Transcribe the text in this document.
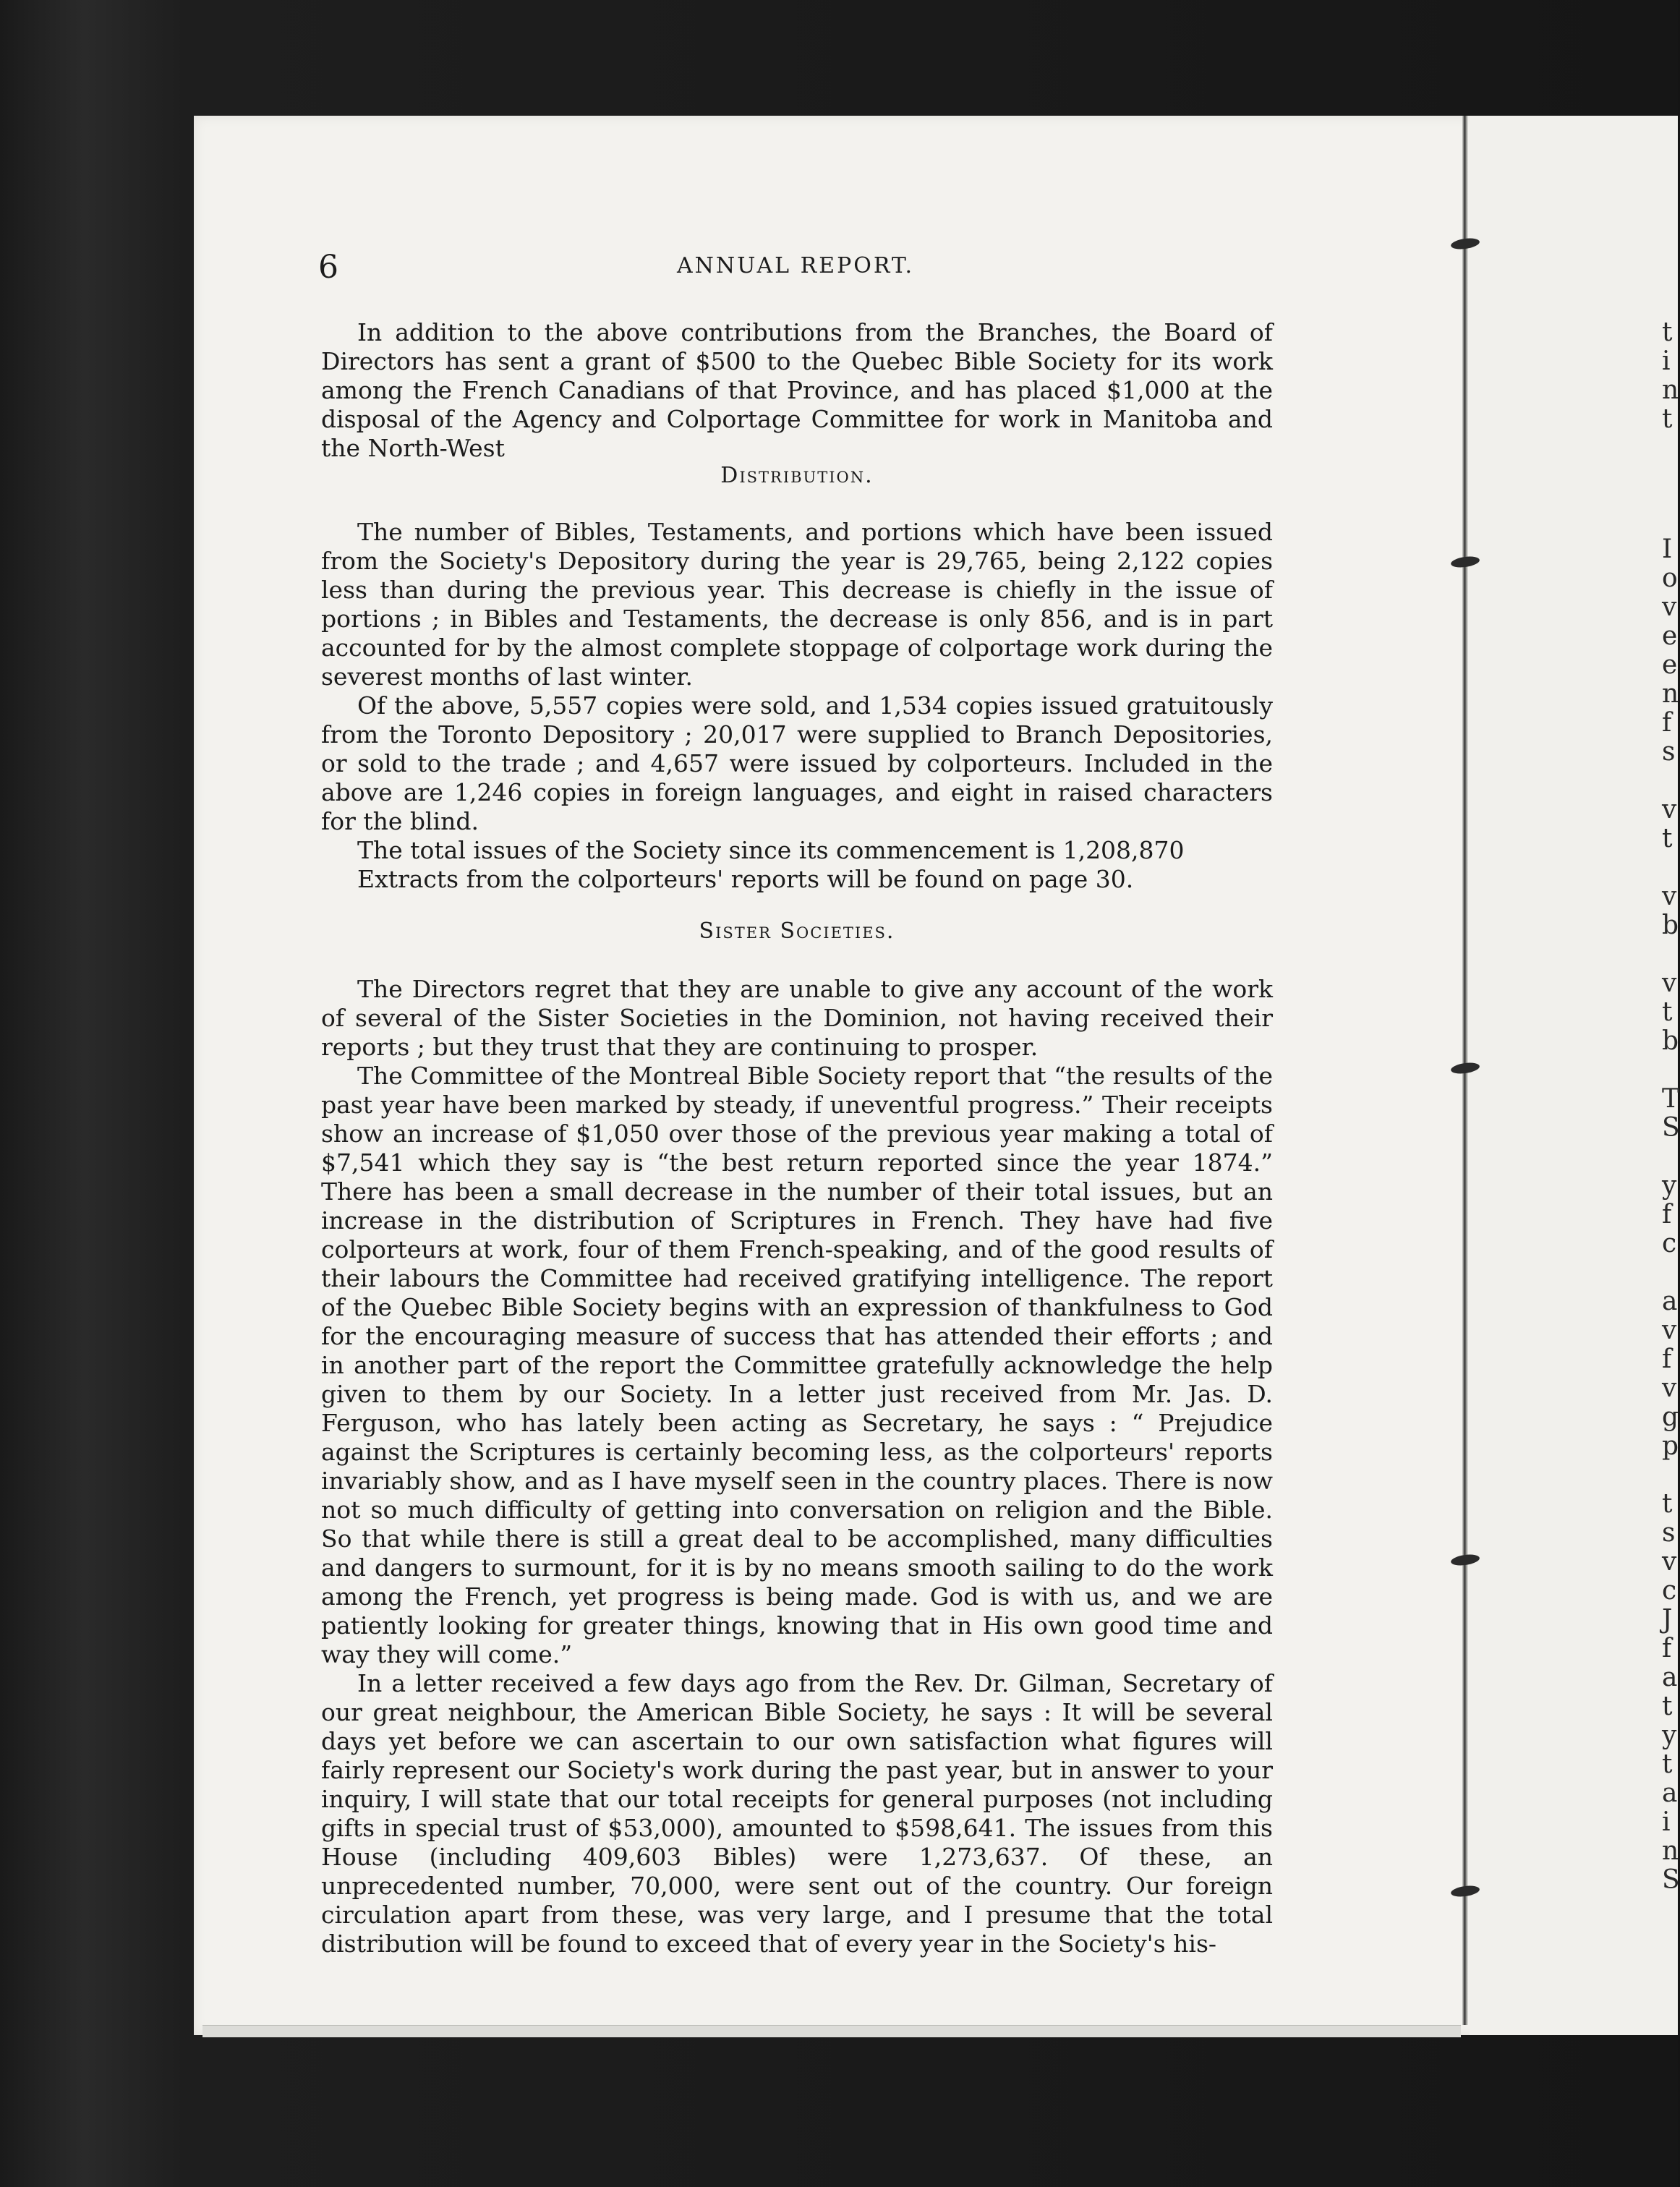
t
i
n
t
I
o
v
e
e
n
f
s
v
t
v
b
v
t
b
T
S
y
f
c
a
v
f
v
g
p
t
s
v
c
J
f
a
t
y
t
a
i
n
S
6	ANNUAL REPORT.

In addition to the above contributions from the Branches, the Board of Directors has sent a grant of $500 to the Quebec Bible Society for its work among the French Canadians of that Province, and has placed $1,000 at the disposal of the Agency and Colportage Committee for work in Manitoba and the North-West

Distribution.

The number of Bibles, Testaments, and portions which have been issued from the Society's Depository during the year is 29,765, being 2,122 copies less than during the previous year. This decrease is chiefly in the issue of portions ; in Bibles and Testaments, the decrease is only 856, and is in part accounted for by the almost complete stoppage of colportage work during the severest months of last winter.

Of the above, 5,557 copies were sold, and 1,534 copies issued gratuitously from the Toronto Depository ; 20,017 were supplied to Branch Depositories, or sold to the trade ; and 4,657 were issued by colporteurs. Included in the above are 1,246 copies in foreign languages, and eight in raised characters for the blind.

The total issues of the Society since its commencement is 1,208,870

Extracts from the colporteurs' reports will be found on page 30.

Sister Societies.

The Directors regret that they are unable to give any account of the work of several of the Sister Societies in the Dominion, not having received their reports ; but they trust that they are continuing to prosper.

The Committee of the Montreal Bible Society report that “the results of the past year have been marked by steady, if uneventful progress.” Their receipts show an increase of $1,050 over those of the previous year making a total of $7,541 which they say is “the best return reported since the year 1874.” There has been a small decrease in the number of their total issues, but an increase in the distribution of Scriptures in French. They have had five colporteurs at work, four of them French-speaking, and of the good results of their labours the Committee had received gratifying intelligence. The report of the Quebec Bible Society begins with an expression of thankfulness to God for the encouraging measure of success that has attended their efforts ; and in another part of the report the Committee gratefully acknowledge the help given to them by our Society. In a letter just received from Mr. Jas. D. Ferguson, who has lately been acting as Secretary, he says : “ Prejudice against the Scriptures is certainly becoming less, as the colporteurs' reports invariably show, and as I have myself seen in the country places. There is now not so much difficulty of getting into conversation on religion and the Bible. So that while there is still a great deal to be accomplished, many difficulties and dangers to surmount, for it is by no means smooth sailing to do the work among the French, yet progress is being made. God is with us, and we are patiently looking for greater things, knowing that in His own good time and way they will come.”

In a letter received a few days ago from the Rev. Dr. Gilman, Secretary of our great neighbour, the American Bible Society, he says : It will be several days yet before we can ascertain to our own satisfaction what figures will fairly represent our Society's work during the past year, but in answer to your inquiry, I will state that our total receipts for general purposes (not including gifts in special trust of $53,000), amounted to $598,641. The issues from this House (including 409,603 Bibles) were 1,273,637. Of these, an unprecedented number, 70,000, were sent out of the country. Our foreign circulation apart from these, was very large, and I presume that the total distribution will be found to exceed that of every year in the Society's his-
